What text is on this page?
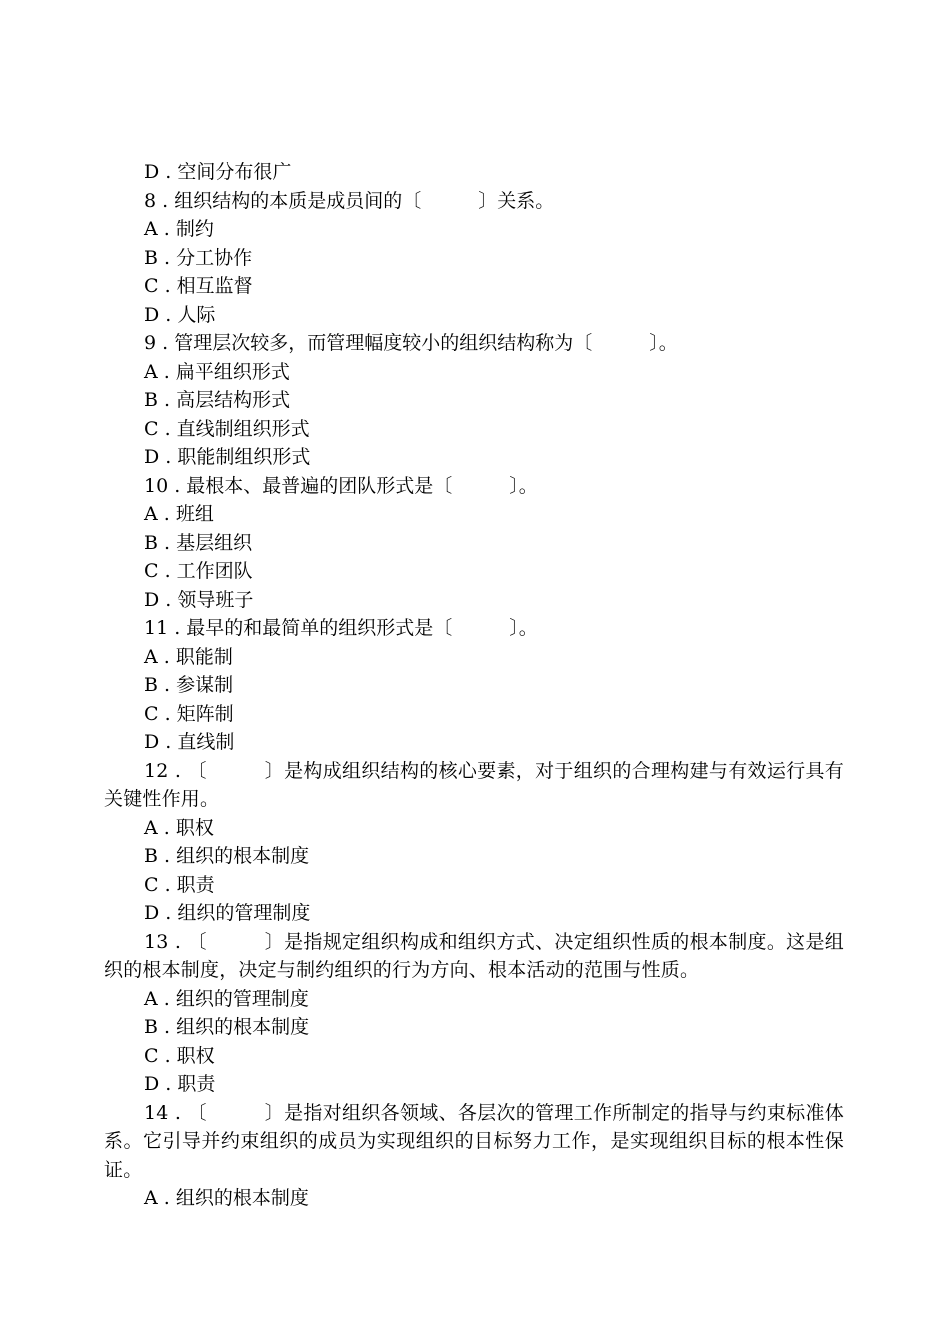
D . 空间分布很广
8 . 组织结构的本质是成员间的〔　　　〕关系。
A . 制约
B . 分工协作
C . 相互监督
D . 人际
9 . 管理层次较多，而管理幅度较小的组织结构称为〔　　　〕。
A . 扁平组织形式
B . 高层结构形式
C . 直线制组织形式
D . 职能制组织形式
10 . 最根本、最普遍的团队形式是〔　　　〕。
A . 班组
B . 基层组织
C . 工作团队
D . 领导班子
11 . 最早的和最简单的组织形式是〔　　　〕。
A . 职能制
B . 参谋制
C . 矩阵制
D . 直线制
12 . 〔　　　〕是构成组织结构的核心要素，对于组织的合理构建与有效运行具有关键性作用。
A . 职权
B . 组织的根本制度
C . 职责
D . 组织的管理制度
13 . 〔　　　〕是指规定组织构成和组织方式、决定组织性质的根本制度。这是组织的根本制度，决定与制约组织的行为方向、根本活动的范围与性质。
A . 组织的管理制度
B . 组织的根本制度
C . 职权
D . 职责
14 . 〔　　　〕是指对组织各领域、各层次的管理工作所制定的指导与约束标准体系。它引导并约束组织的成员为实现组织的目标努力工作，是实现组织目标的根本性保证。
A . 组织的根本制度
